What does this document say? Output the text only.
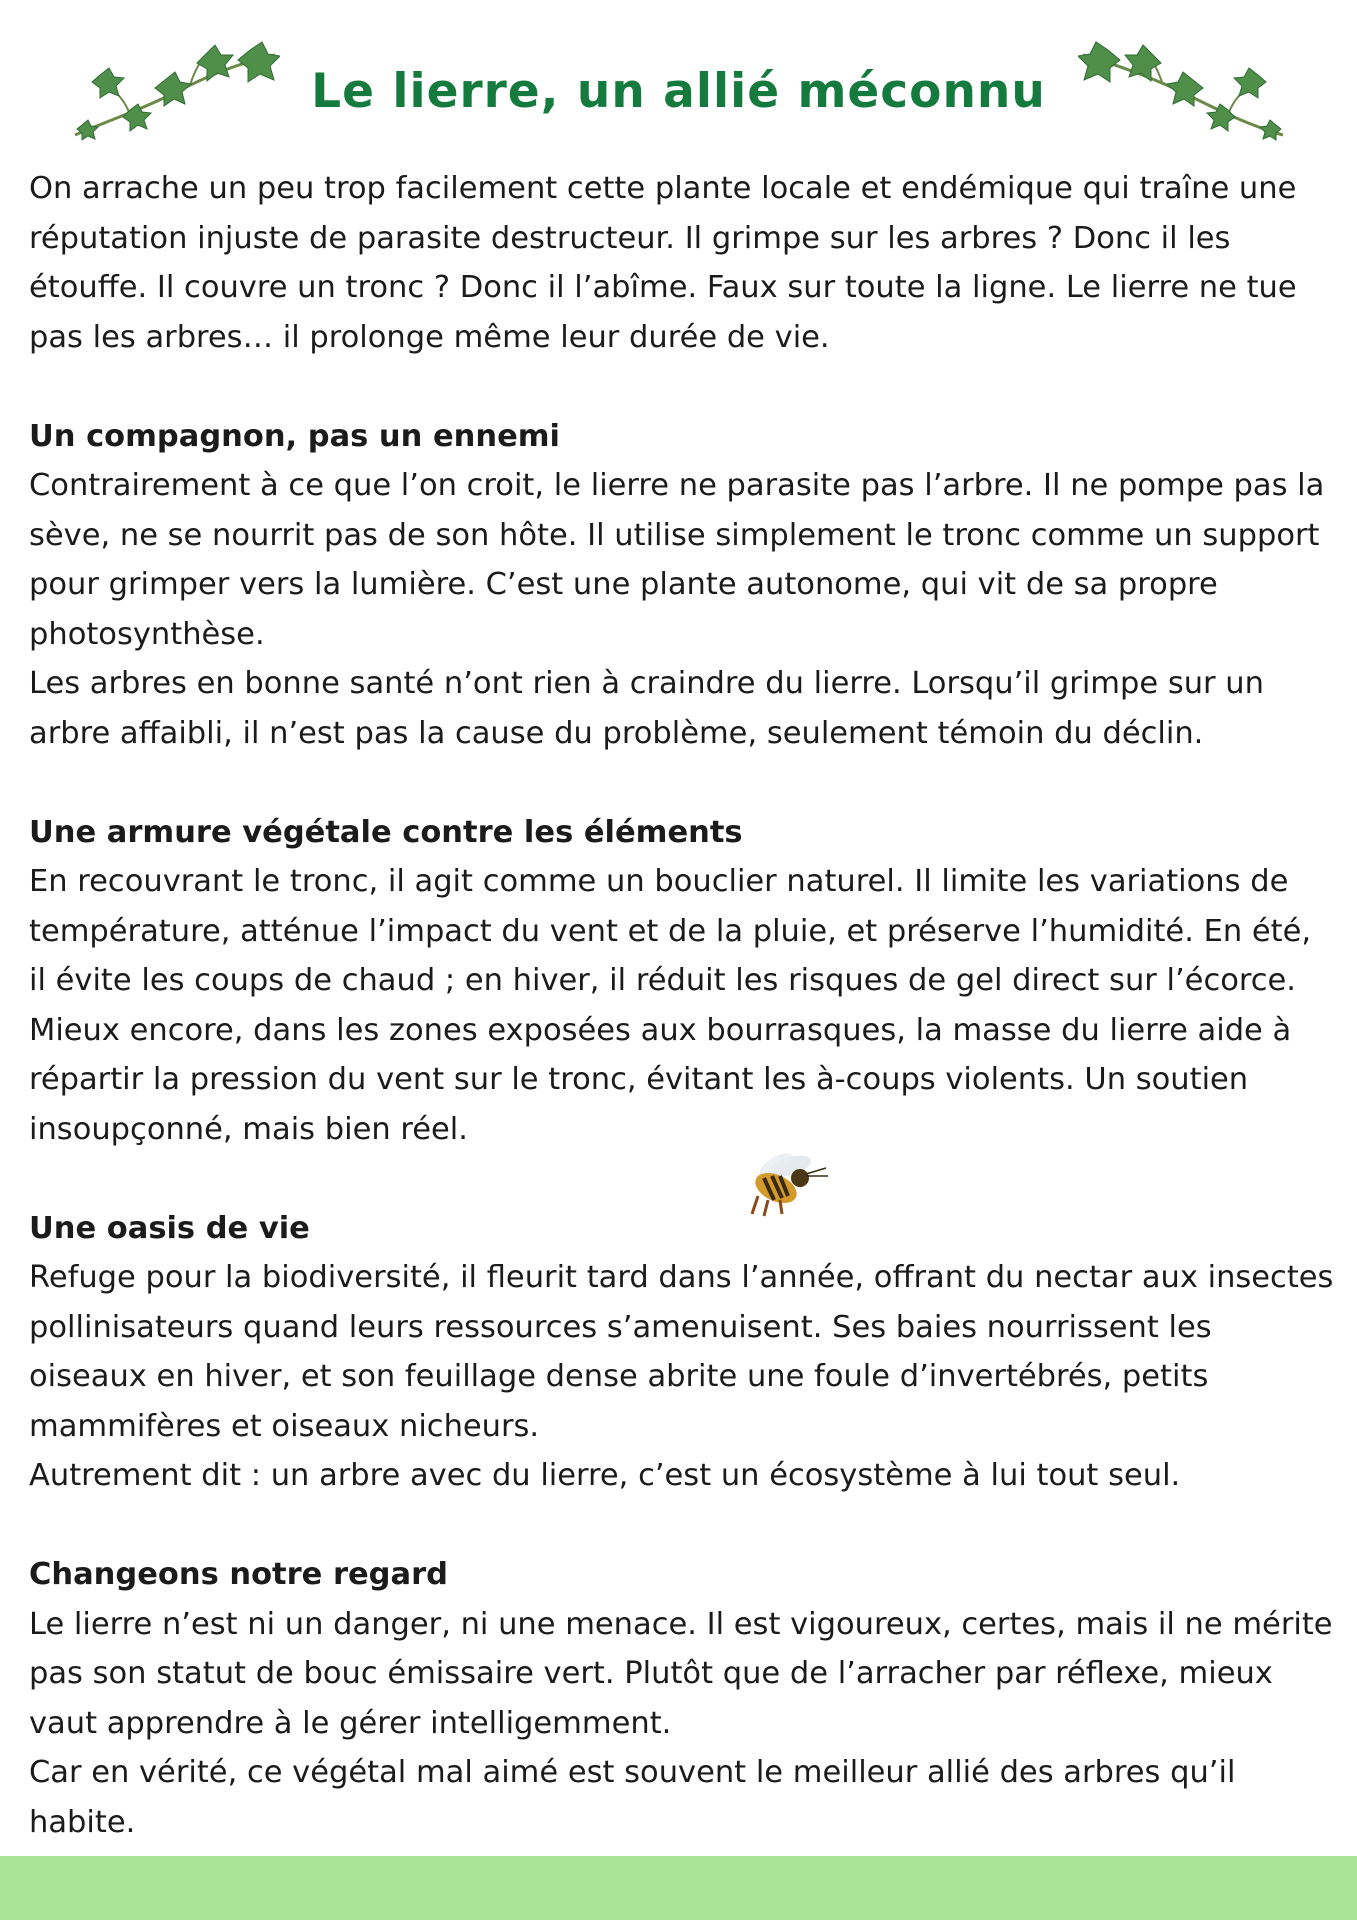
Le lierre, un allié méconnu

On arrache un peu trop facilement cette plante locale et endémique qui traîne une réputation injuste de parasite destructeur. Il grimpe sur les arbres ? Donc il les étouffe. Il couvre un tronc ? Donc il l’abîme. Faux sur toute la ligne. Le lierre ne tue pas les arbres… il prolonge même leur durée de vie.

Un compagnon, pas un ennemi

Contrairement à ce que l’on croit, le lierre ne parasite pas l’arbre. Il ne pompe pas la sève, ne se nourrit pas de son hôte. Il utilise simplement le tronc comme un support pour grimper vers la lumière. C’est une plante autonome, qui vit de sa propre photosynthèse.

Les arbres en bonne santé n’ont rien à craindre du lierre. Lorsqu’il grimpe sur un arbre affaibli, il n’est pas la cause du problème, seulement témoin du déclin.

Une armure végétale contre les éléments

En recouvrant le tronc, il agit comme un bouclier naturel. Il limite les variations de température, atténue l’impact du vent et de la pluie, et préserve l’humidité. En été, il évite les coups de chaud ; en hiver, il réduit les risques de gel direct sur l’écorce. Mieux encore, dans les zones exposées aux bourrasques, la masse du lierre aide à répartir la pression du vent sur le tronc, évitant les à-coups violents. Un soutien insoupçonné, mais bien réel.

Une oasis de vie

Refuge pour la biodiversité, il fleurit tard dans l’année, offrant du nectar aux insectes pollinisateurs quand leurs ressources s’amenuisent. Ses baies nourrissent les oiseaux en hiver, et son feuillage dense abrite une foule d’invertébrés, petits mammifères et oiseaux nicheurs.

Autrement dit : un arbre avec du lierre, c’est un écosystème à lui tout seul.

Changeons notre regard

Le lierre n’est ni un danger, ni une menace. Il est vigoureux, certes, mais il ne mérite pas son statut de bouc émissaire vert. Plutôt que de l’arracher par réflexe, mieux vaut apprendre à le gérer intelligemment.

Car en vérité, ce végétal mal aimé est souvent le meilleur allié des arbres qu’il habite.
